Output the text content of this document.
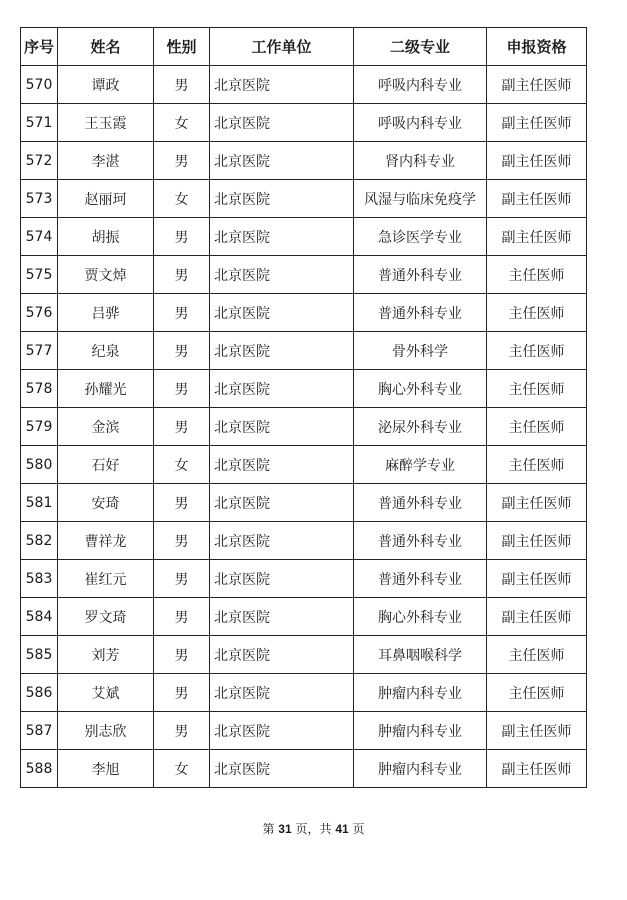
序号	姓名	性别	工作单位	二级专业	申报资格
570	谭政	男	北京医院	呼吸内科专业	副主任医师
571	王玉霞	女	北京医院	呼吸内科专业	副主任医师
572	李湛	男	北京医院	肾内科专业	副主任医师
573	赵丽珂	女	北京医院	风湿与临床免疫学	副主任医师
574	胡振	男	北京医院	急诊医学专业	副主任医师
575	贾文焯	男	北京医院	普通外科专业	主任医师
576	吕骅	男	北京医院	普通外科专业	主任医师
577	纪泉	男	北京医院	骨外科学	主任医师
578	孙耀光	男	北京医院	胸心外科专业	主任医师
579	金滨	男	北京医院	泌尿外科专业	主任医师
580	石好	女	北京医院	麻醉学专业	主任医师
581	安琦	男	北京医院	普通外科专业	副主任医师
582	曹祥龙	男	北京医院	普通外科专业	副主任医师
583	崔红元	男	北京医院	普通外科专业	副主任医师
584	罗文琦	男	北京医院	胸心外科专业	副主任医师
585	刘芳	男	北京医院	耳鼻咽喉科学	主任医师
586	艾斌	男	北京医院	肿瘤内科专业	主任医师
587	别志欣	男	北京医院	肿瘤内科专业	副主任医师
588	李旭	女	北京医院	肿瘤内科专业	副主任医师
第 31 页，共 41 页
